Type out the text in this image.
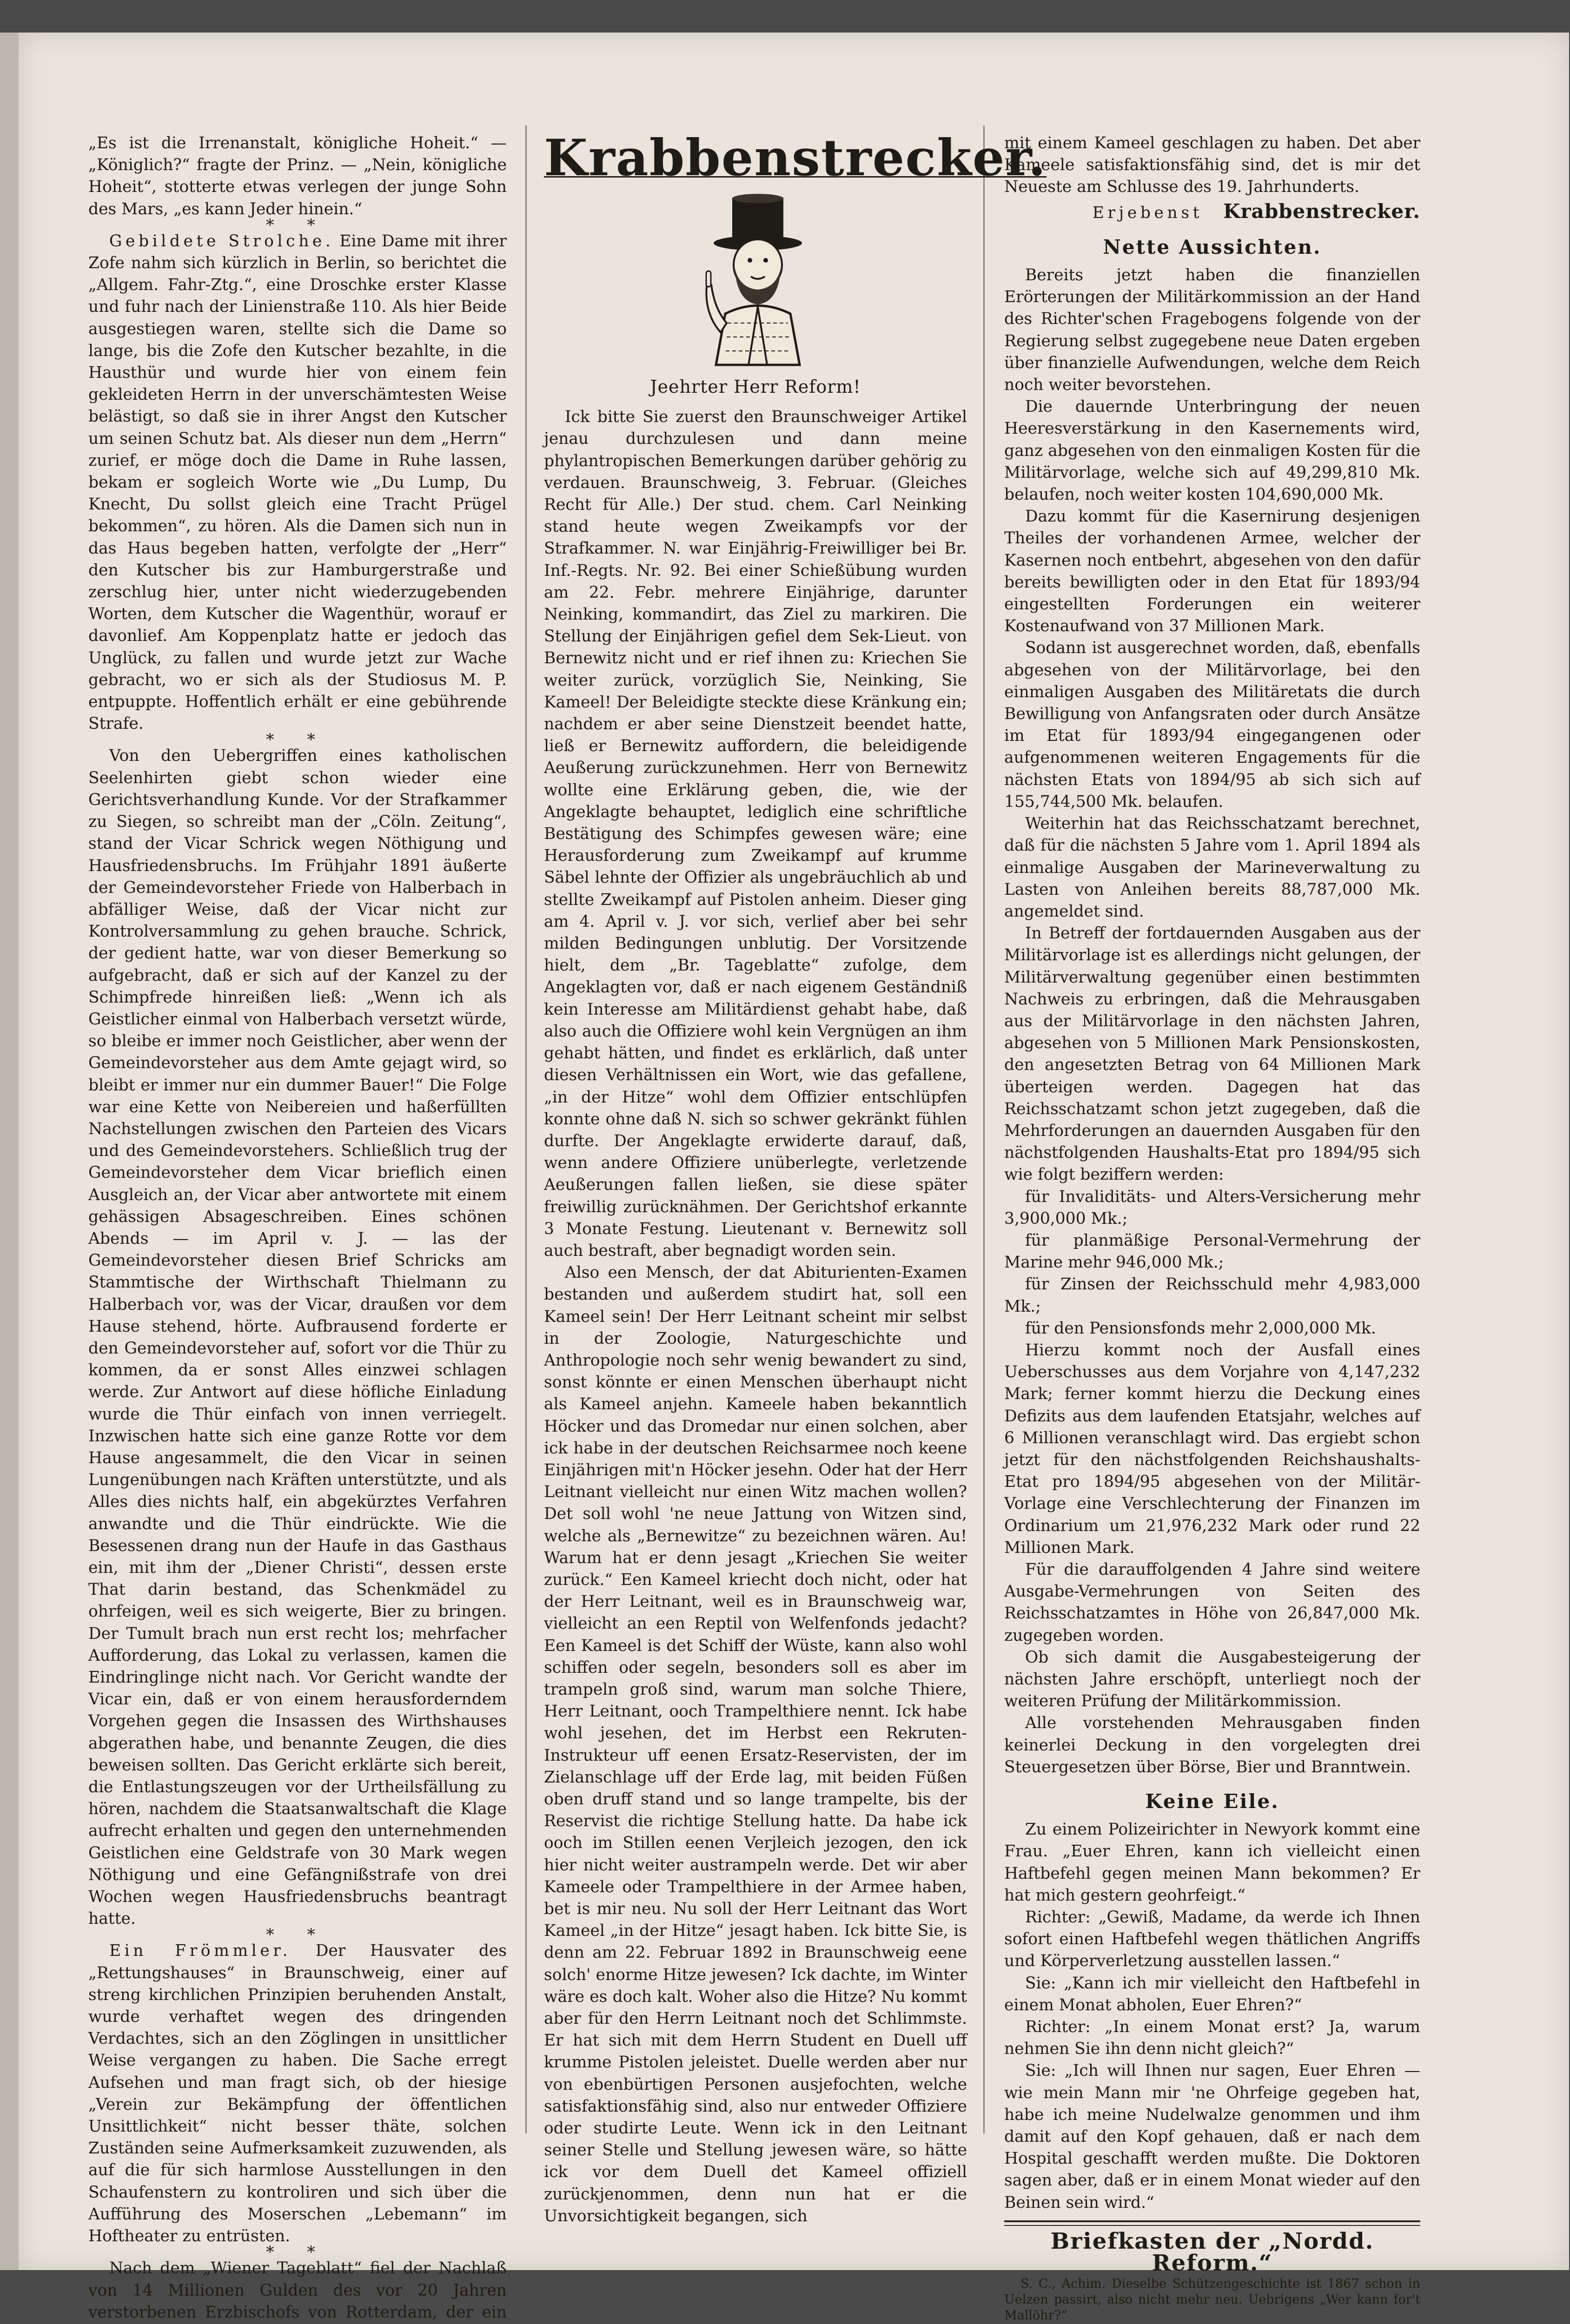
„Es ist die Irrenanstalt, königliche Hoheit.“ — „Königlich?“ fragte der Prinz. — „Nein, königliche Hoheit“, stotterte etwas verlegen der junge Sohn des Mars, „es kann Jeder hinein.“

* *

Gebildete Strolche. Eine Dame mit ihrer Zofe nahm sich kürzlich in Berlin, so berichtet die „Allgem. Fahr-Ztg.“, eine Droschke erster Klasse und fuhr nach der Linienstraße 110. Als hier Beide ausgestiegen waren, stellte sich die Dame so lange, bis die Zofe den Kutscher bezahlte, in die Hausthür und wurde hier von einem fein gekleideten Herrn in der unverschämtesten Weise belästigt, so daß sie in ihrer Angst den Kutscher um seinen Schutz bat. Als dieser nun dem „Herrn“ zurief, er möge doch die Dame in Ruhe lassen, bekam er sogleich Worte wie „Du Lump, Du Knecht, Du sollst gleich eine Tracht Prügel bekommen“, zu hören. Als die Damen sich nun in das Haus begeben hatten, verfolgte der „Herr“ den Kutscher bis zur Hamburgerstraße und zerschlug hier, unter nicht wiederzugebenden Worten, dem Kutscher die Wagenthür, worauf er davonlief. Am Koppenplatz hatte er jedoch das Unglück, zu fallen und wurde jetzt zur Wache gebracht, wo er sich als der Studiosus M. P. entpuppte. Hoffentlich erhält er eine gebührende Strafe.

* *

Von den Uebergriffen eines katholischen Seelenhirten giebt schon wieder eine Gerichtsverhandlung Kunde. Vor der Strafkammer zu Siegen, so schreibt man der „Cöln. Zeitung“, stand der Vicar Schrick wegen Nöthigung und Hausfriedensbruchs. Im Frühjahr 1891 äußerte der Gemeindevorsteher Friede von Halberbach in abfälliger Weise, daß der Vicar nicht zur Kontrolversammlung zu gehen brauche. Schrick, der gedient hatte, war von dieser Bemerkung so aufgebracht, daß er sich auf der Kanzel zu der Schimpfrede hinreißen ließ: „Wenn ich als Geistlicher einmal von Halberbach versetzt würde, so bleibe er immer noch Geistlicher, aber wenn der Gemeindevorsteher aus dem Amte gejagt wird, so bleibt er immer nur ein dummer Bauer!“ Die Folge war eine Kette von Neibereien und haßerfüllten Nachstellungen zwischen den Parteien des Vicars und des Gemeindevorstehers. Schließlich trug der Gemeindevorsteher dem Vicar brieflich einen Ausgleich an, der Vicar aber antwortete mit einem gehässigen Absageschreiben. Eines schönen Abends — im April v. J. — las der Gemeindevorsteher diesen Brief Schricks am Stammtische der Wirthschaft Thielmann zu Halberbach vor, was der Vicar, draußen vor dem Hause stehend, hörte. Aufbrausend forderte er den Gemeindevorsteher auf, sofort vor die Thür zu kommen, da er sonst Alles einzwei schlagen werde. Zur Antwort auf diese höfliche Einladung wurde die Thür einfach von innen verriegelt. Inzwischen hatte sich eine ganze Rotte vor dem Hause angesammelt, die den Vicar in seinen Lungenübungen nach Kräften unterstützte, und als Alles dies nichts half, ein abgekürztes Verfahren anwandte und die Thür eindrückte. Wie die Besessenen drang nun der Haufe in das Gasthaus ein, mit ihm der „Diener Christi“, dessen erste That darin bestand, das Schenkmädel zu ohrfeigen, weil es sich weigerte, Bier zu bringen. Der Tumult brach nun erst recht los; mehrfacher Aufforderung, das Lokal zu verlassen, kamen die Eindringlinge nicht nach. Vor Gericht wandte der Vicar ein, daß er von einem herausforderndem Vorgehen gegen die Insassen des Wirthshauses abgerathen habe, und benannte Zeugen, die dies beweisen sollten. Das Gericht erklärte sich bereit, die Entlastungszeugen vor der Urtheilsfällung zu hören, nachdem die Staatsanwaltschaft die Klage aufrecht erhalten und gegen den unternehmenden Geistlichen eine Geldstrafe von 30 Mark wegen Nöthigung und eine Gefängnißstrafe von drei Wochen wegen Hausfriedensbruchs beantragt hatte.

* *

Ein Frömmler. Der Hausvater des „Rettungshauses“ in Braunschweig, einer auf streng kirchlichen Prinzipien beruhenden Anstalt, wurde verhaftet wegen des dringenden Verdachtes, sich an den Zöglingen in unsittlicher Weise vergangen zu haben. Die Sache erregt Aufsehen und man fragt sich, ob der hiesige „Verein zur Bekämpfung der öffentlichen Unsittlichkeit“ nicht besser thäte, solchen Zuständen seine Aufmerksamkeit zuzuwenden, als auf die für sich harmlose Ausstellungen in den Schaufenstern zu kontroliren und sich über die Aufführung des Moserschen „Lebemann“ im Hoftheater zu entrüsten.

* *

Nach dem „Wiener Tageblatt“ fiel der Nachlaß von 14 Millionen Gulden des vor 20 Jahren verstorbenen Erzbischofs von Rotterdam, der ein

Krabbenstrecker.
Jeehrter Herr Reform!

Ick bitte Sie zuerst den Braunschweiger Artikel jenau durchzulesen und dann meine phylantropischen Bemerkungen darüber gehörig zu verdauen. Braunschweig, 3. Februar. (Gleiches Recht für Alle.) Der stud. chem. Carl Neinking stand heute wegen Zweikampfs vor der Strafkammer. N. war Einjährig-Freiwilliger bei Br. Inf.-Regts. Nr. 92. Bei einer Schießübung wurden am 22. Febr. mehrere Einjährige, darunter Neinking, kommandirt, das Ziel zu markiren. Die Stellung der Einjährigen gefiel dem Sek-Lieut. von Bernewitz nicht und er rief ihnen zu: Kriechen Sie weiter zurück, vorzüglich Sie, Neinking, Sie Kameel! Der Beleidigte steckte diese Kränkung ein; nachdem er aber seine Dienstzeit beendet hatte, ließ er Bernewitz auffordern, die beleidigende Aeußerung zurückzunehmen. Herr von Bernewitz wollte eine Erklärung geben, die, wie der Angeklagte behauptet, lediglich eine schriftliche Bestätigung des Schimpfes gewesen wäre; eine Herausforderung zum Zweikampf auf krumme Säbel lehnte der Offizier als ungebräuchlich ab und stellte Zweikampf auf Pistolen anheim. Dieser ging am 4. April v. J. vor sich, verlief aber bei sehr milden Bedingungen unblutig. Der Vorsitzende hielt, dem „Br. Tageblatte“ zufolge, dem Angeklagten vor, daß er nach eigenem Geständniß kein Interesse am Militärdienst gehabt habe, daß also auch die Offiziere wohl kein Vergnügen an ihm gehabt hätten, und findet es erklärlich, daß unter diesen Verhältnissen ein Wort, wie das gefallene, „in der Hitze“ wohl dem Offizier entschlüpfen konnte ohne daß N. sich so schwer gekränkt fühlen durfte. Der Angeklagte erwiderte darauf, daß, wenn andere Offiziere unüberlegte, verletzende Aeußerungen fallen ließen, sie diese später freiwillig zurücknähmen. Der Gerichtshof erkannte 3 Monate Festung. Lieutenant v. Bernewitz soll auch bestraft, aber begnadigt worden sein.

Also een Mensch, der dat Abiturienten-Examen bestanden und außerdem studirt hat, soll een Kameel sein! Der Herr Leitnant scheint mir selbst in der Zoologie, Naturgeschichte und Anthropologie noch sehr wenig bewandert zu sind, sonst könnte er einen Menschen überhaupt nicht als Kameel anjehn. Kameele haben bekanntlich Höcker und das Dromedar nur einen solchen, aber ick habe in der deutschen Reichsarmee noch keene Einjährigen mit'n Höcker jesehn. Oder hat der Herr Leitnant vielleicht nur einen Witz machen wollen? Det soll wohl 'ne neue Jattung von Witzen sind, welche als „Bernewitze“ zu bezeichnen wären. Au! Warum hat er denn jesagt „Kriechen Sie weiter zurück.“ Een Kameel kriecht doch nicht, oder hat der Herr Leitnant, weil es in Braunschweig war, vielleicht an een Reptil von Welfenfonds jedacht? Een Kameel is det Schiff der Wüste, kann also wohl schiffen oder segeln, besonders soll es aber im trampeln groß sind, warum man solche Thiere, Herr Leitnant, ooch Trampelthiere nennt. Ick habe wohl jesehen, det im Herbst een Rekruten-Instrukteur uff eenen Ersatz-Reservisten, der im Zielanschlage uff der Erde lag, mit beiden Füßen oben druff stand und so lange trampelte, bis der Reservist die richtige Stellung hatte. Da habe ick ooch im Stillen eenen Verjleich jezogen, den ick hier nicht weiter austrampeln werde. Det wir aber Kameele oder Trampelthiere in der Armee haben, bet is mir neu. Nu soll der Herr Leitnant das Wort Kameel „in der Hitze“ jesagt haben. Ick bitte Sie, is denn am 22. Februar 1892 in Braunschweig eene solch' enorme Hitze jewesen? Ick dachte, im Winter wäre es doch kalt. Woher also die Hitze? Nu kommt aber für den Herrn Leitnant noch det Schlimmste. Er hat sich mit dem Herrn Student en Duell uff krumme Pistolen jeleistet. Duelle werden aber nur von ebenbürtigen Personen ausjefochten, welche satisfaktionsfähig sind, also nur entweder Offiziere oder studirte Leute. Wenn ick in den Leitnant seiner Stelle und Stellung jewesen wäre, so hätte ick vor dem Duell det Kameel offiziell zurückjenommen, denn nun hat er die Unvorsichtigkeit begangen, sich

mit einem Kameel geschlagen zu haben. Det aber Kameele satisfaktionsfähig sind, det is mir det Neueste am Schlusse des 19. Jahrhunderts.

Erjebenst Krabbenstrecker.
Nette Aussichten.

Bereits jetzt haben die finanziellen Erörterungen der Militärkommission an der Hand des Richter'schen Fragebogens folgende von der Regierung selbst zugegebene neue Daten ergeben über finanzielle Aufwendungen, welche dem Reich noch weiter bevorstehen.

Die dauernde Unterbringung der neuen Heeresverstärkung in den Kasernements wird, ganz abgesehen von den einmaligen Kosten für die Militärvorlage, welche sich auf 49,299,810 Mk. belaufen, noch weiter kosten 104,690,000 Mk.

Dazu kommt für die Kasernirung desjenigen Theiles der vorhandenen Armee, welcher der Kasernen noch entbehrt, abgesehen von den dafür bereits bewilligten oder in den Etat für 1893/94 eingestellten Forderungen ein weiterer Kostenaufwand von 37 Millionen Mark.

Sodann ist ausgerechnet worden, daß, ebenfalls abgesehen von der Militärvorlage, bei den einmaligen Ausgaben des Militäretats die durch Bewilligung von Anfangsraten oder durch Ansätze im Etat für 1893/94 eingegangenen oder aufgenommenen weiteren Engagements für die nächsten Etats von 1894/95 ab sich sich auf 155,744,500 Mk. belaufen.

Weiterhin hat das Reichsschatzamt berechnet, daß für die nächsten 5 Jahre vom 1. April 1894 als einmalige Ausgaben der Marineverwaltung zu Lasten von Anleihen bereits 88,787,000 Mk. angemeldet sind.

In Betreff der fortdauernden Ausgaben aus der Militärvorlage ist es allerdings nicht gelungen, der Militärverwaltung gegenüber einen bestimmten Nachweis zu erbringen, daß die Mehrausgaben aus der Militärvorlage in den nächsten Jahren, abgesehen von 5 Millionen Mark Pensionskosten, den angesetzten Betrag von 64 Millionen Mark überteigen werden. Dagegen hat das Reichsschatzamt schon jetzt zugegeben, daß die Mehrforderungen an dauernden Ausgaben für den nächstfolgenden Haushalts-Etat pro 1894/95 sich wie folgt beziffern werden:

für Invaliditäts- und Alters-Versicherung mehr 3,900,000 Mk.;

für planmäßige Personal-Vermehrung der Marine mehr 946,000 Mk.;

für Zinsen der Reichsschuld mehr 4,983,000 Mk.;

für den Pensionsfonds mehr 2,000,000 Mk.

Hierzu kommt noch der Ausfall eines Ueberschusses aus dem Vorjahre von 4,147,232 Mark; ferner kommt hierzu die Deckung eines Defizits aus dem laufenden Etatsjahr, welches auf 6 Millionen veranschlagt wird. Das ergiebt schon jetzt für den nächstfolgenden Reichshaushalts-Etat pro 1894/95 abgesehen von der Militär-Vorlage eine Verschlechterung der Finanzen im Ordinarium um 21,976,232 Mark oder rund 22 Millionen Mark.

Für die darauffolgenden 4 Jahre sind weitere Ausgabe-Vermehrungen von Seiten des Reichsschatzamtes in Höhe von 26,847,000 Mk. zugegeben worden.

Ob sich damit die Ausgabesteigerung der nächsten Jahre erschöpft, unterliegt noch der weiteren Prüfung der Militärkommission.

Alle vorstehenden Mehrausgaben finden keinerlei Deckung in den vorgelegten drei Steuergesetzen über Börse, Bier und Branntwein.

Keine Eile.

Zu einem Polizeirichter in Newyork kommt eine Frau. „Euer Ehren, kann ich vielleicht einen Haftbefehl gegen meinen Mann bekommen? Er hat mich gestern geohrfeigt.“

Richter: „Gewiß, Madame, da werde ich Ihnen sofort einen Haftbefehl wegen thätlichen Angriffs und Körperverletzung ausstellen lassen.“

Sie: „Kann ich mir vielleicht den Haftbefehl in einem Monat abholen, Euer Ehren?“

Richter: „In einem Monat erst? Ja, warum nehmen Sie ihn denn nicht gleich?“

Sie: „Ich will Ihnen nur sagen, Euer Ehren — wie mein Mann mir 'ne Ohrfeige gegeben hat, habe ich meine Nudelwalze genommen und ihm damit auf den Kopf gehauen, daß er nach dem Hospital geschafft werden mußte. Die Doktoren sagen aber, daß er in einem Monat wieder auf den Beinen sein wird.“

Briefkasten der „Nordd. Reform.“

S. C., Achim. Dieselbe Schützengeschichte ist 1867 schon in Uelzen passirt, also nicht mehr neu. Uebrigens „Wer kann for't Mallöhr?“
